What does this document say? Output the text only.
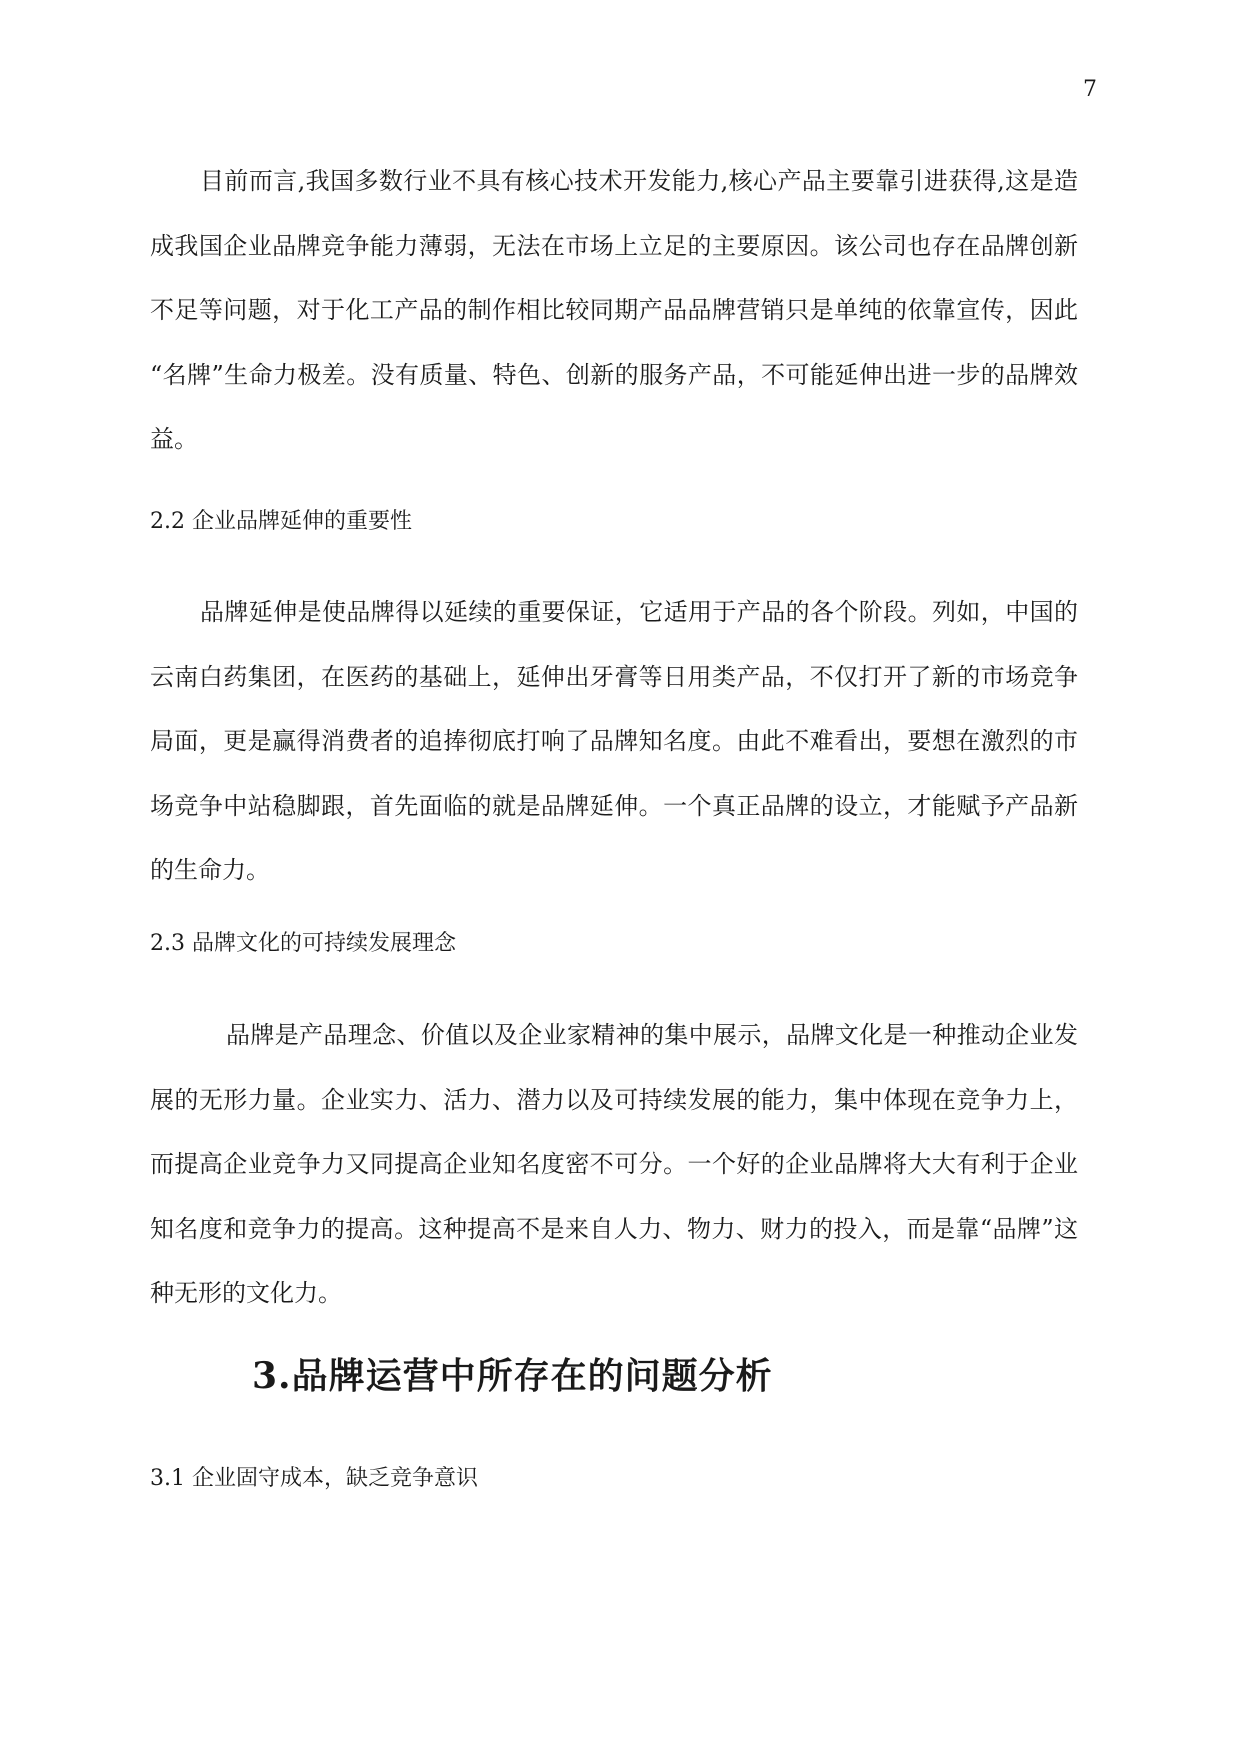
7

目前而言,我国多数行业不具有核心技术开发能力,核心产品主要靠引进获得,这是造成我国企业品牌竞争能力薄弱，无法在市场上立足的主要原因。该公司也存在品牌创新不足等问题，对于化工产品的制作相比较同期产品品牌营销只是单纯的依靠宣传，因此 “名牌”生命力极差。没有质量、特色、创新的服务产品，不可能延伸出进一步的品牌效益。

2.2 企业品牌延伸的重要性

品牌延伸是使品牌得以延续的重要保证，它适用于产品的各个阶段。列如，中国的云南白药集团，在医药的基础上，延伸出牙膏等日用类产品，不仅打开了新的市场竞争局面，更是赢得消费者的追捧彻底打响了品牌知名度。由此不难看出，要想在激烈的市场竞争中站稳脚跟，首先面临的就是品牌延伸。一个真正品牌的设立，才能赋予产品新的生命力。

2.3 品牌文化的可持续发展理念

品牌是产品理念、价值以及企业家精神的集中展示，品牌文化是一种推动企业发展的无形力量。企业实力、活力、潜力以及可持续发展的能力，集中体现在竞争力上，而提高企业竞争力又同提高企业知名度密不可分。一个好的企业品牌将大大有利于企业知名度和竞争力的提高。这种提高不是来自人力、物力、财力的投入，而是靠“品牌”这种无形的文化力。

3.品牌运营中所存在的问题分析
3.1 企业固守成本，缺乏竞争意识
